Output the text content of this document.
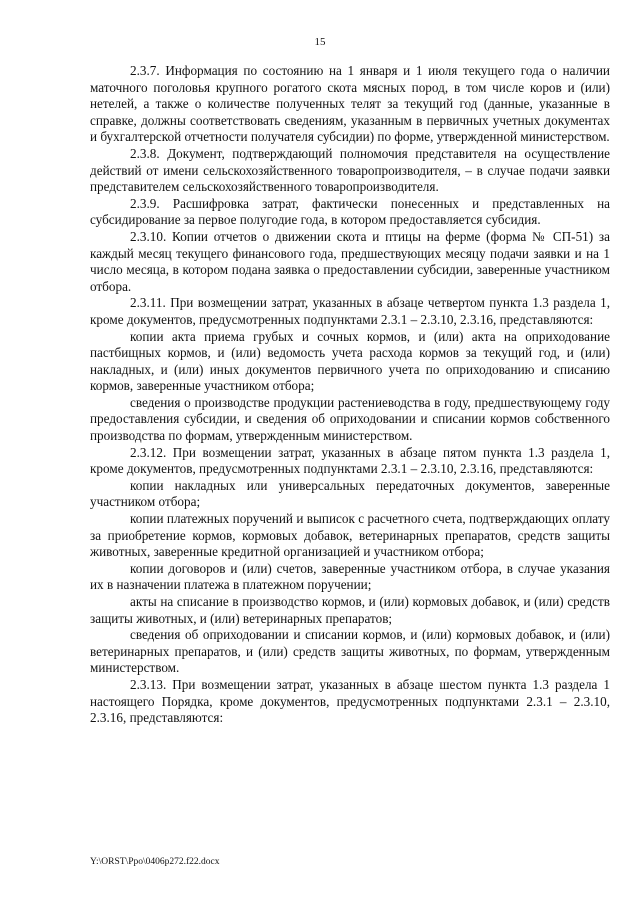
15

2.3.7. Информация по состоянию на 1 января и 1 июля текущего года о наличии маточного поголовья крупного рогатого скота мясных пород, в том числе коров и (или) нетелей, а также о количестве полученных телят за текущий год (данные, указанные в справке, должны соответствовать сведениям, указанным в первичных учетных документах и бухгалтерской отчетности получателя субсидии) по форме, утвержденной министерством.

2.3.8. Документ, подтверждающий полномочия представителя на осуществление действий от имени сельскохозяйственного товаропроизводителя, – в случае подачи заявки представителем сельскохозяйственного товаропроизводителя.

2.3.9. Расшифровка затрат, фактически понесенных и представленных на субсидирование за первое полугодие года, в котором предоставляется субсидия.

2.3.10. Копии отчетов о движении скота и птицы на ферме (форма № СП-51) за каждый месяц текущего финансового года, предшествующих месяцу подачи заявки и на 1 число месяца, в котором подана заявка о предоставлении субсидии, заверенные участником отбора.

2.3.11. При возмещении затрат, указанных в абзаце четвертом пункта 1.3 раздела 1, кроме документов, предусмотренных подпунктами 2.3.1 – 2.3.10, 2.3.16, представляются:

копии акта приема грубых и сочных кормов, и (или) акта на оприходование пастбищных кормов, и (или) ведомость учета расхода кормов за текущий год, и (или) накладных, и (или) иных документов первичного учета по оприходованию и списанию кормов, заверенные участником отбора;

сведения о производстве продукции растениеводства в году, предшествующему году предоставления субсидии, и сведения об оприходовании и списании кормов собственного производства по формам, утвержденным министерством.

2.3.12. При возмещении затрат, указанных в абзаце пятом пункта 1.3 раздела 1, кроме документов, предусмотренных подпунктами 2.3.1 – 2.3.10, 2.3.16, представляются:

копии накладных или универсальных передаточных документов, заверенные участником отбора;

копии платежных поручений и выписок с расчетного счета, подтверждающих оплату за приобретение кормов, кормовых добавок, ветеринарных препаратов, средств защиты животных, заверенные кредитной организацией и участником отбора;

копии договоров и (или) счетов, заверенные участником отбора, в случае указания их в назначении платежа в платежном поручении;

акты на списание в производство кормов, и (или) кормовых добавок, и (или) средств защиты животных, и (или) ветеринарных препаратов;

сведения об оприходовании и списании кормов, и (или) кормовых добавок, и (или) ветеринарных препаратов, и (или) средств защиты животных, по формам, утвержденным министерством.

2.3.13. При возмещении затрат, указанных в абзаце шестом пункта 1.3 раздела 1 настоящего Порядка, кроме документов, предусмотренных подпунктами 2.3.1 – 2.3.10, 2.3.16, представляются:

Y:\ORST\Ppo\0406p272.f22.docx
